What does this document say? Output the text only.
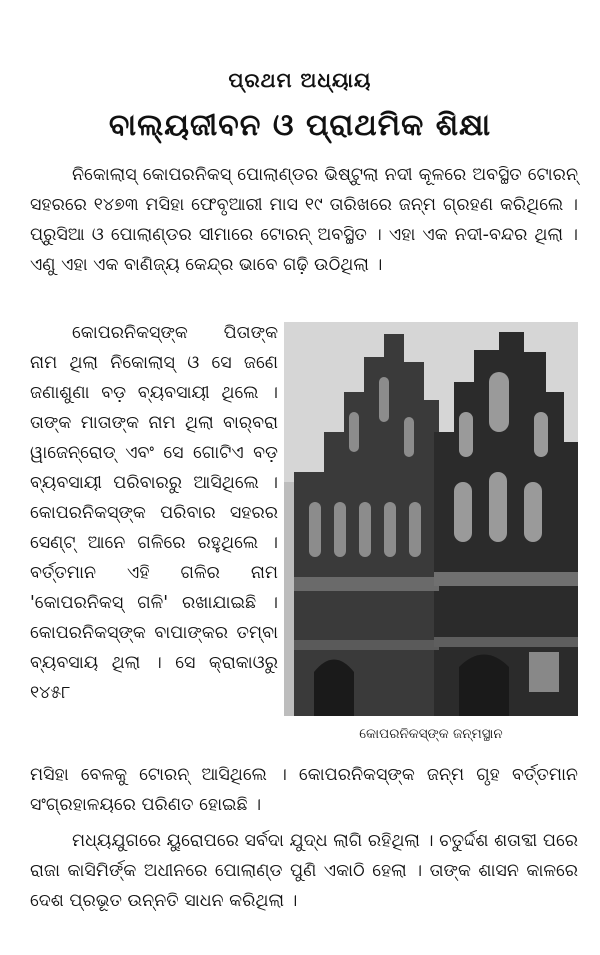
ପ୍ରଥମ ଅଧ୍ୟାୟ
ବାଲ୍ୟଜୀବନ ଓ ପ୍ରାଥମିକ ଶିକ୍ଷା

ନିକୋଲାସ୍ କୋପରନିକସ୍ ପୋଲାଣ୍ଡର ଭିଷ୍ଟୁଲା ନଦୀ କୂଳରେ ଅବସ୍ଥିତ ଟୋରନ୍ ସହରରେ ୧୪୭୩ ମସିହା ଫେବୃଆରୀ ମାସ ୧୯ ତାରିଖରେ ଜନ୍ମ ଗ୍ରହଣ କରିଥିଲେ । ପ୍ରୁସିଆ ଓ ପୋଲାଣ୍ଡର ସୀମାରେ ଟୋରନ୍ ଅବସ୍ଥିତ । ଏହା ଏକ ନଦୀ-ବନ୍ଦର ଥିଲା । ଏଣୁ ଏହା ଏକ ବାଣିଜ୍ୟ କେନ୍ଦ୍ର ଭାବେ ଗଢ଼ି ଉଠିଥିଲା ।

କୋପରନିକସ୍ଙ୍କ ପିତାଙ୍କ ନାମ ଥିଲା ନିକୋଲାସ୍ ଓ ସେ ଜଣେ ଜଣାଶୁଣା ବଡ଼ ବ୍ୟବସାୟୀ ଥିଲେ । ତାଙ୍କ ମାତାଙ୍କ ନାମ ଥିଲା ବାର୍‌ବରା ୱାଜେନ୍‌ରୋଡ୍ ଏବଂ ସେ ଗୋଟିଏ ବଡ଼ ବ୍ୟବସାୟୀ ପରିବାରରୁ ଆସିଥିଲେ । କୋପରନିକସ୍ଙ୍କ ପରିବାର ସହରର ସେଣ୍ଟ୍ ଆନେ ଗଳିରେ ରହୁଥିଲେ । ବର୍ତ୍ତମାନ ଏହି ଗଳିର ନାମ 'କୋପରନିକସ୍ ଗଳି' ରଖାଯାଇଛି । କୋପରନିକସ୍ଙ୍କ ବାପାଙ୍କର ତମ୍ବା ବ୍ୟବସାୟ ଥିଲା । ସେ କ୍ରାକାଓରୁ ୧୪୫୮

କୋପରନିକସ୍ଙ୍କ ଜନ୍ମସ୍ଥାନ

ମସିହା ବେଳକୁ ଟୋରନ୍ ଆସିଥିଲେ । କୋପରନିକସ୍ଙ୍କ ଜନ୍ମ ଗୃହ ବର୍ତ୍ତମାନ ସଂଗ୍ରହାଳୟରେ ପରିଣତ ହୋଇଛି ।

ମଧ୍ୟଯୁଗରେ ୟୁରୋପରେ ସର୍ବଦା ଯୁଦ୍ଧ ଲାଗି ରହିଥିଲା । ଚତୁର୍ଦ୍ଦଶ ଶତାବ୍ଦୀ ପରେ ରାଜା କାସିମିର୍ଙ୍କ ଅଧୀନରେ ପୋଲାଣ୍ଡ ପୁଣି ଏକାଠି ହେଲା । ତାଙ୍କ ଶାସନ କାଳରେ ଦେଶ ପ୍ରଭୂତ ଉନ୍ନତି ସାଧନ କରିଥିଲା ।
